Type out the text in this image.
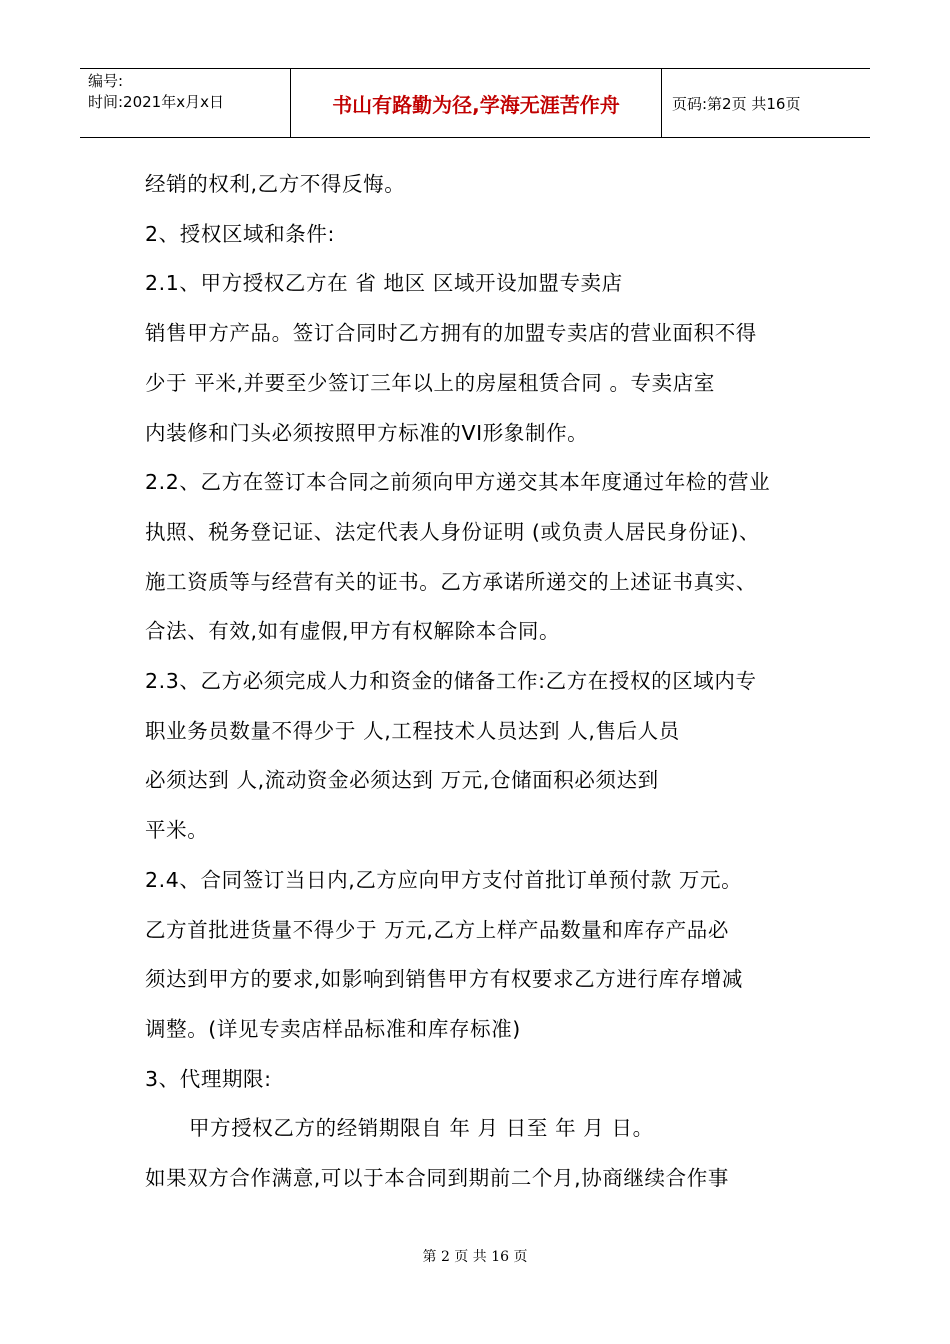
编号:
时间:2021年x月x日	书山有路勤为径,学海无涯苦作舟	页码:第2页 共16页

经销的权利,乙方不得反悔。

2、授权区域和条件:

2.1、甲方授权乙方在 省 地区 区域开设加盟专卖店

销售甲方产品。签订合同时乙方拥有的加盟专卖店的营业面积不得

少于 平米,并要至少签订三年以上的房屋租赁合同 。专卖店室

内装修和门头必须按照甲方标准的VI形象制作。

2.2、乙方在签订本合同之前须向甲方递交其本年度通过年检的营业

执照、税务登记证、法定代表人身份证明 (或负责人居民身份证)、

施工资质等与经营有关的证书。乙方承诺所递交的上述证书真实、

合法、有效,如有虚假,甲方有权解除本合同。

2.3、乙方必须完成人力和资金的储备工作:乙方在授权的区域内专

职业务员数量不得少于 人,工程技术人员达到 人,售后人员

必须达到 人,流动资金必须达到 万元,仓储面积必须达到

平米。

2.4、合同签订当日内,乙方应向甲方支付首批订单预付款 万元。

乙方首批进货量不得少于 万元,乙方上样产品数量和库存产品必

须达到甲方的要求,如影响到销售甲方有权要求乙方进行库存增减

调整。(详见专卖店样品标准和库存标准)

3、代理期限:

甲方授权乙方的经销期限自 年 月 日至 年 月 日。

如果双方合作满意,可以于本合同到期前二个月,协商继续合作事

第 2 页 共 16 页
